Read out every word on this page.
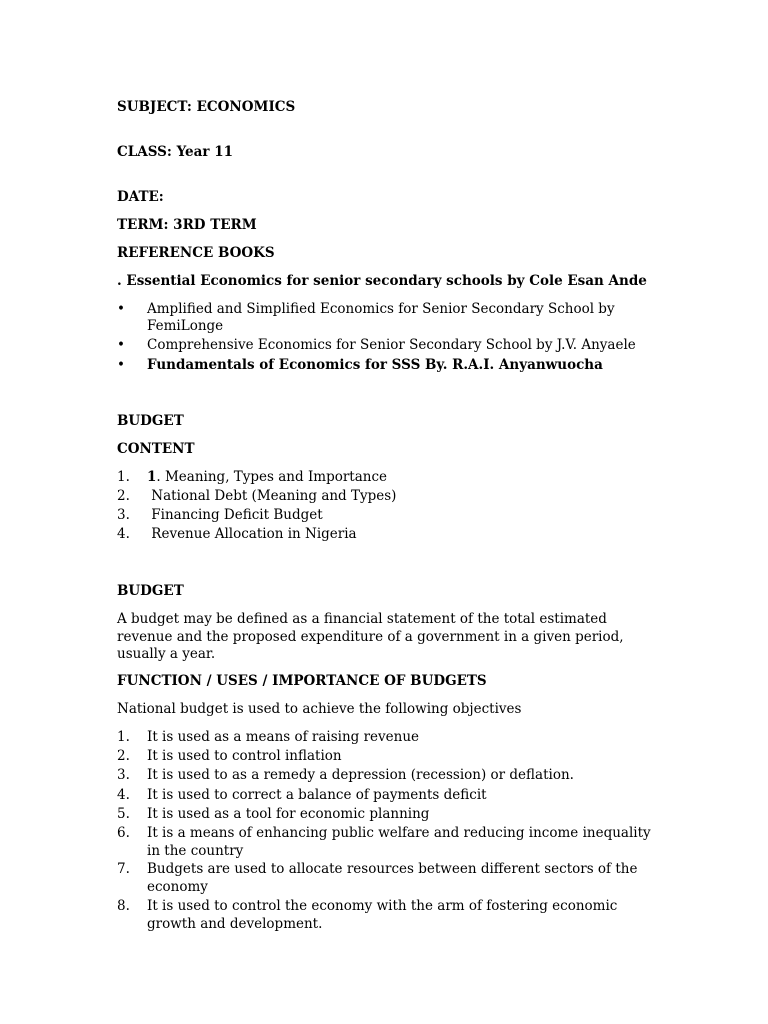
SUBJECT: ECONOMICS
CLASS: Year 11
DATE:
TERM: 3RD TERM
REFERENCE BOOKS
. Essential Economics for senior secondary schools by Cole Esan Ande
• Amplified and Simplified Economics for Senior Secondary School by FemiLonge
• Comprehensive Economics for Senior Secondary School by J.V. Anyaele
• Fundamentals of Economics for SSS By. R.A.I. Anyanwuocha
BUDGET
CONTENT
1. 1. Meaning, Types and Importance
2. National Debt (Meaning and Types)
3. Financing Deficit Budget
4. Revenue Allocation in Nigeria
BUDGET
A budget may be defined as a financial statement of the total estimated revenue and the proposed expenditure of a government in a given period, usually a year.
FUNCTION / USES / IMPORTANCE OF BUDGETS
National budget is used to achieve the following objectives
1. It is used as a means of raising revenue
2. It is used to control inflation
3. It is used to as a remedy a depression (recession) or deflation.
4. It is used to correct a balance of payments deficit
5. It is used as a tool for economic planning
6. It is a means of enhancing public welfare and reducing income inequality in the country
7. Budgets are used to allocate resources between different sectors of the economy
8. It is used to control the economy with the arm of fostering economic growth and development.
